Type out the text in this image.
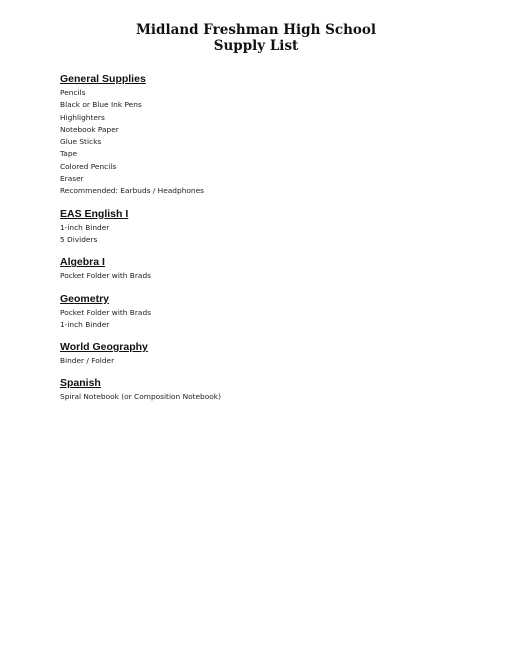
Midland Freshman High School
Supply List
General Supplies
Pencils
Black or Blue Ink Pens
Highlighters
Notebook Paper
Glue Sticks
Tape
Colored Pencils
Eraser
Recommended: Earbuds / Headphones
EAS English I
1-inch Binder
5 Dividers
Algebra I
Pocket Folder with Brads
Geometry
Pocket Folder with Brads
1-inch Binder
World Geography
Binder / Folder
Spanish
Spiral Notebook (or Composition Notebook)
